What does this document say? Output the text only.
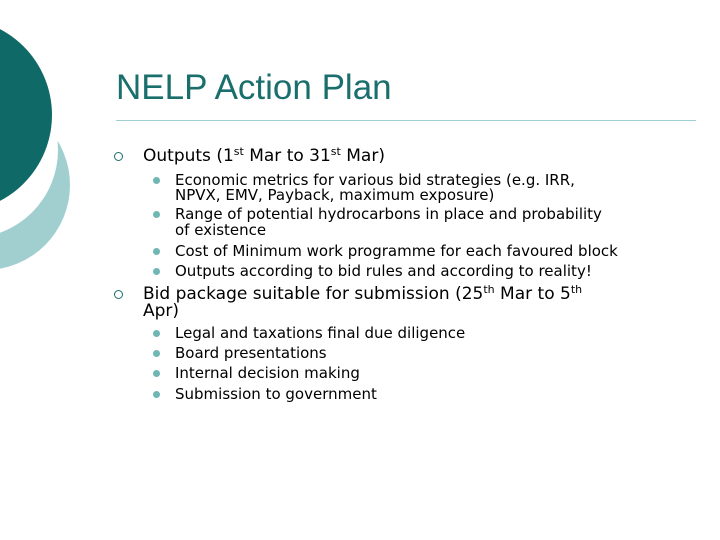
NELP Action Plan
Outputs (1st Mar to 31st Mar)
Economic metrics for various bid strategies (e.g. IRR,
NPVX, EMV, Payback, maximum exposure)
Range of potential hydrocarbons in place and probability
of existence
Cost of Minimum work programme for each favoured block
Outputs according to bid rules and according to reality!
Bid package suitable for submission (25th Mar to 5th
Apr)
Legal and taxations final due diligence
Board presentations
Internal decision making
Submission to government
